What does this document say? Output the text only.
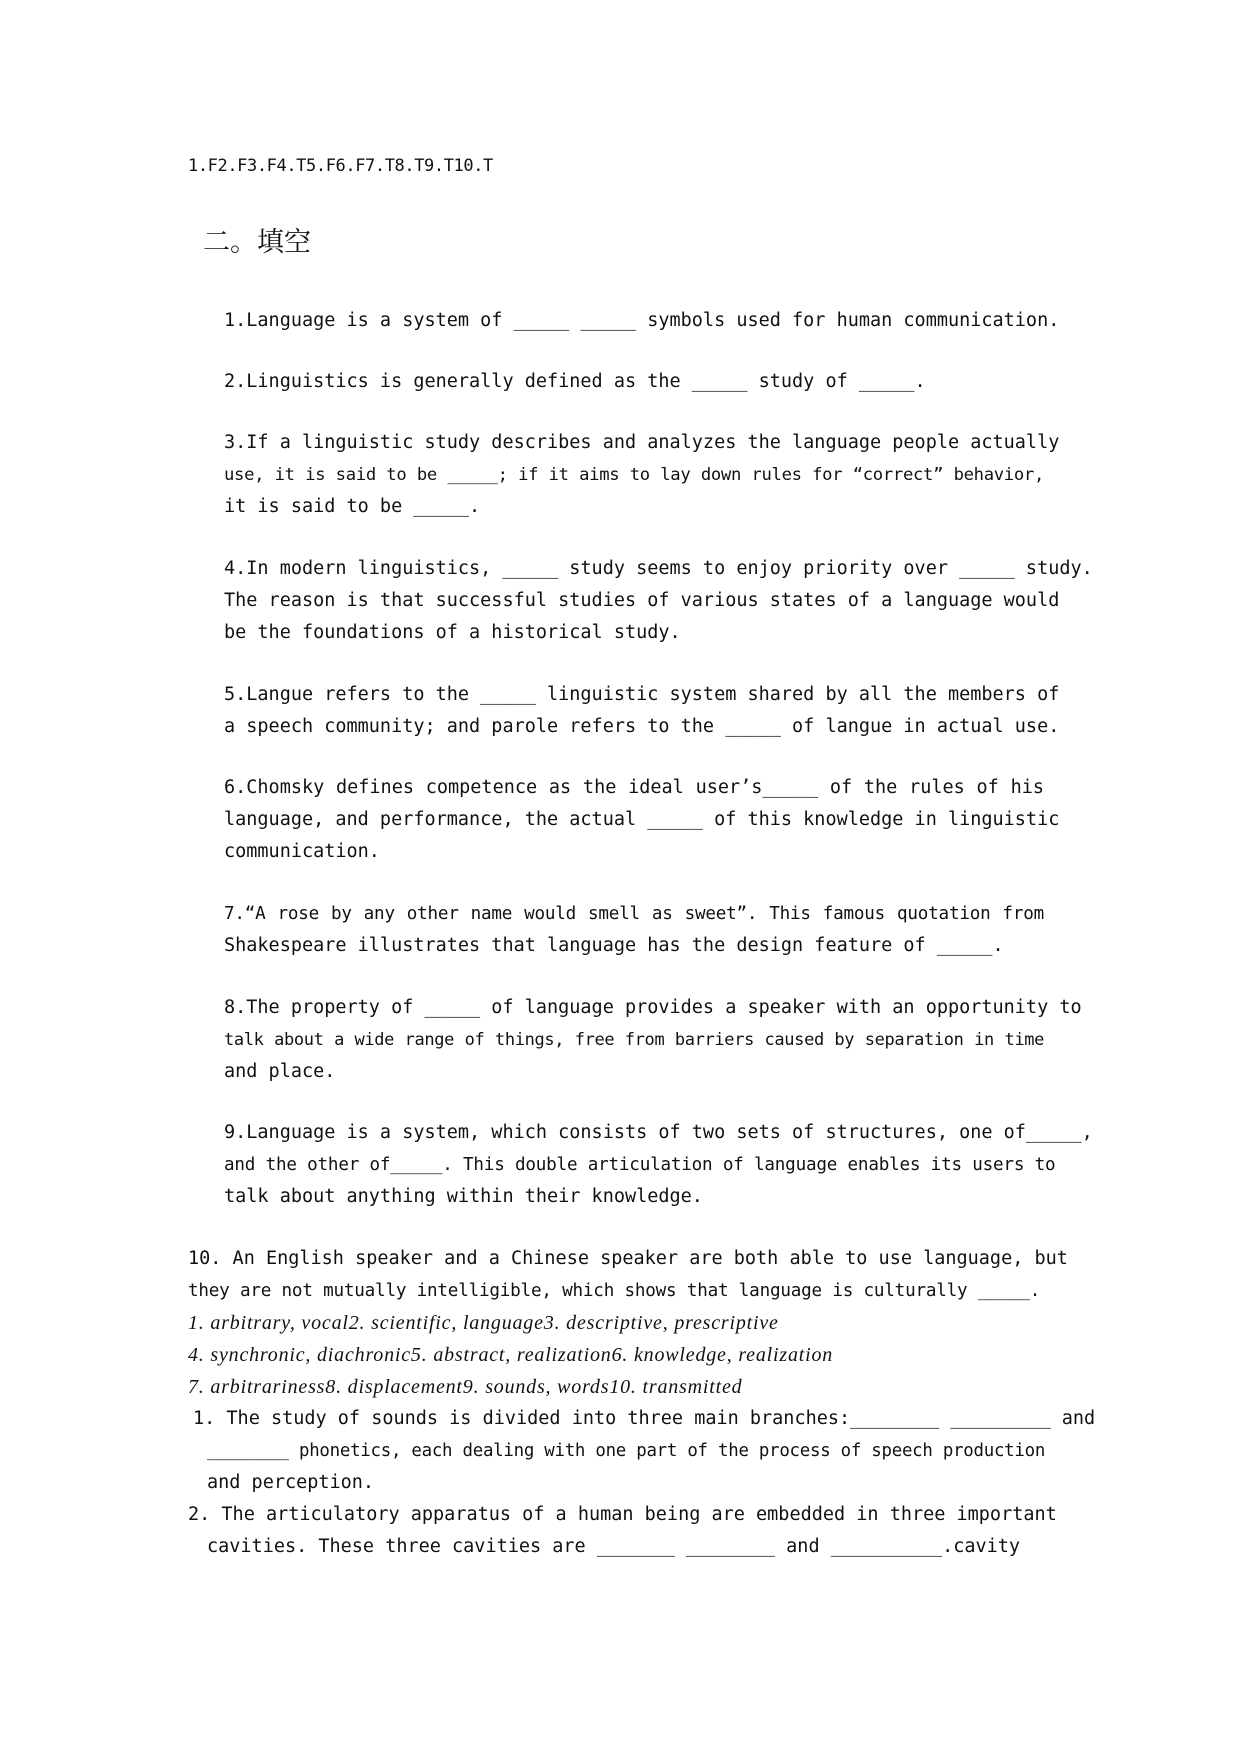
1.F2.F3.F4.T5.F6.F7.T8.T9.T10.T
二。填空
1.Language is a system of _____ _____ symbols used for human communication.
2.Linguistics is generally defined as the _____ study of _____.
3.If a linguistic study describes and analyzes the language people actually
use, it is said to be _____; if it aims to lay down rules for “correct” behavior,
it is said to be _____.
4.In modern linguistics, _____ study seems to enjoy priority over _____ study.
The reason is that successful studies of various states of a language would
be the foundations of a historical study.
5.Langue refers to the _____ linguistic system shared by all the members of
a speech community; and parole refers to the _____ of langue in actual use.
6.Chomsky defines competence as the ideal user’s_____ of the rules of his
language, and performance, the actual _____ of this knowledge in linguistic
communication.
7.“A rose by any other name would smell as sweet”. This famous quotation from
Shakespeare illustrates that language has the design feature of _____.
8.The property of _____ of language provides a speaker with an opportunity to
talk about a wide range of things, free from barriers caused by separation in time
and place.
9.Language is a system, which consists of two sets of structures, one of_____,
and the other of_____. This double articulation of language enables its users to
talk about anything within their knowledge.
10. An English speaker and a Chinese speaker are both able to use language, but
they are not mutually intelligible, which shows that language is culturally _____.
1. arbitrary, vocal2. scientific, language3. descriptive, prescriptive
4. synchronic, diachronic5. abstract, realization6. knowledge, realization
7. arbitrariness8. displacement9. sounds, words10. transmitted
1. The study of sounds is divided into three main branches:________ _________ and
________ phonetics, each dealing with one part of the process of speech production
and perception.
2. The articulatory apparatus of a human being are embedded in three important
cavities. These three cavities are _______ ________ and __________.cavity
